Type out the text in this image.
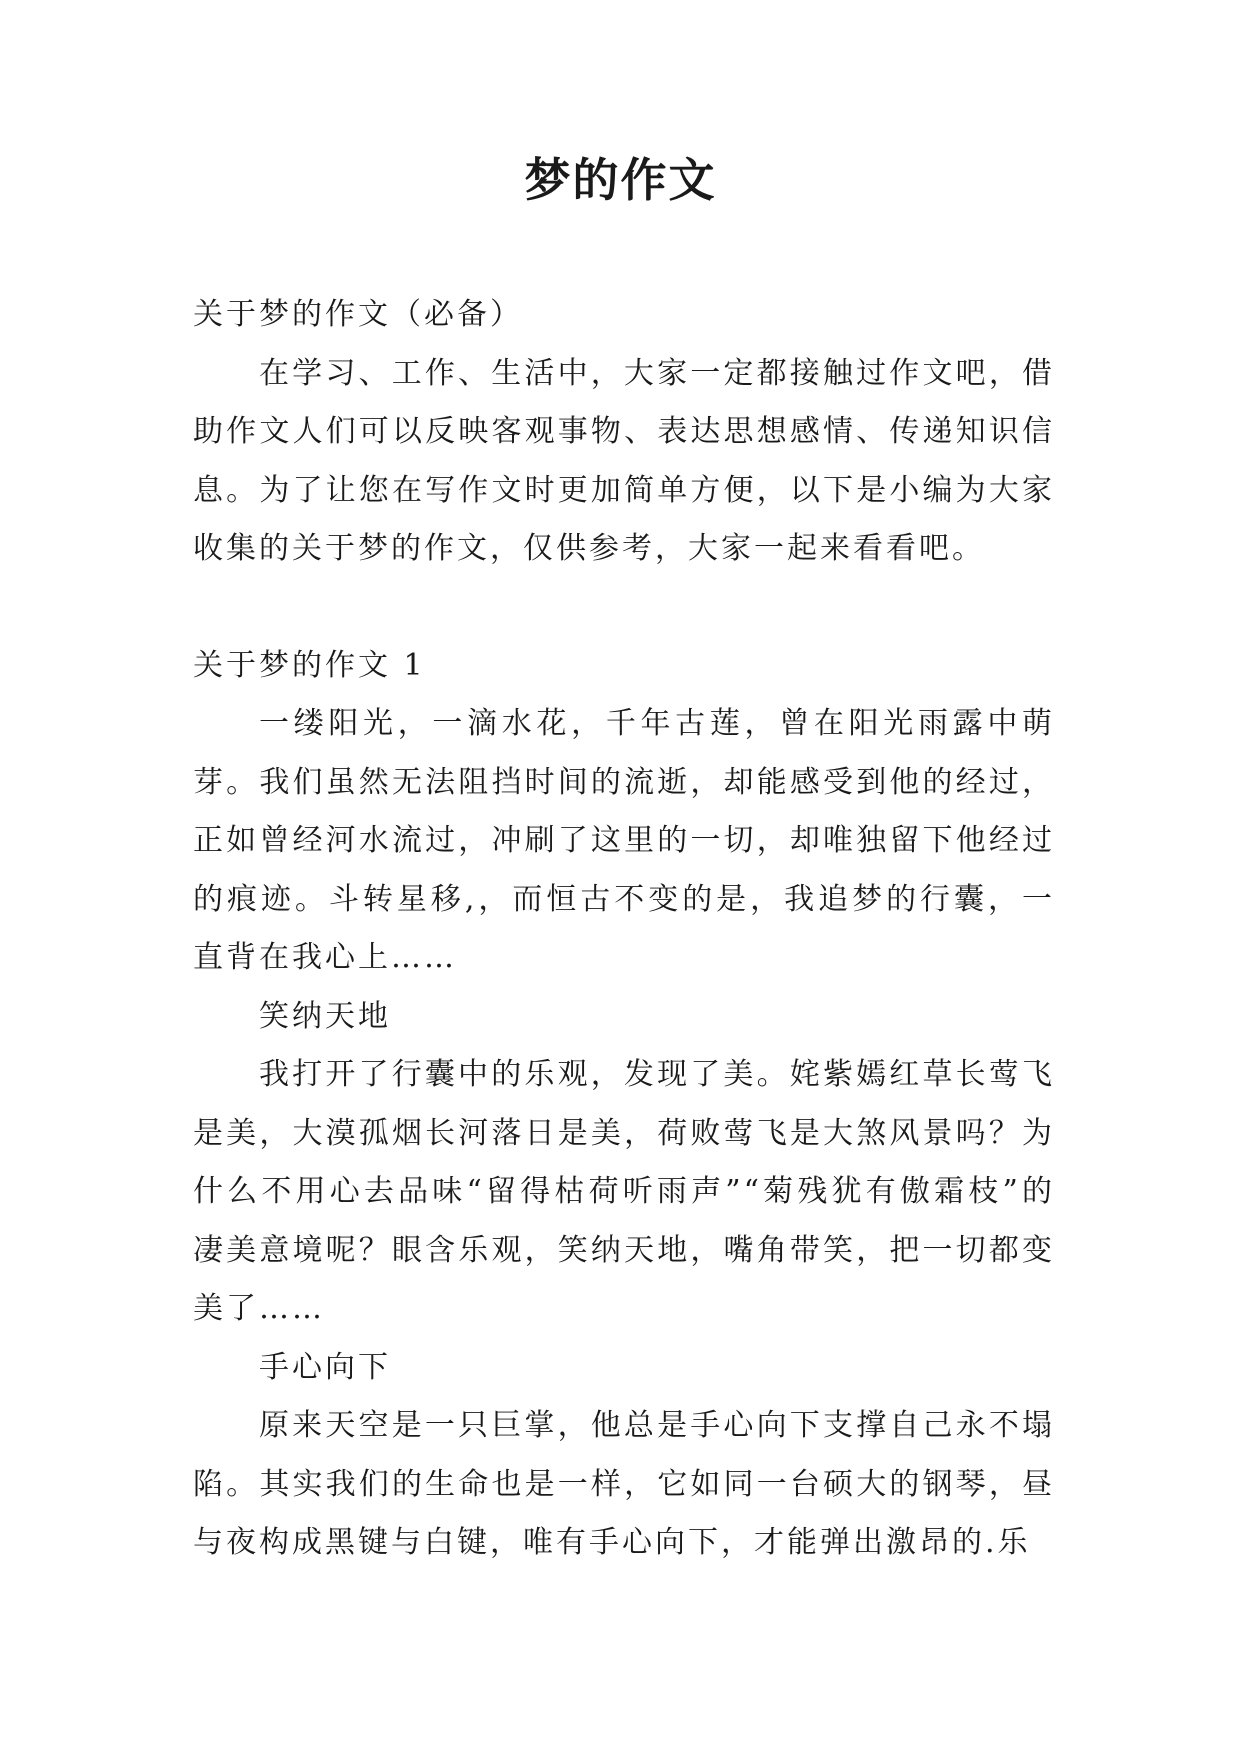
梦的作文

关于梦的作文（必备）

在学习、工作、生活中，大家一定都接触过作文吧，借助作文人们可以反映客观事物、表达思想感情、传递知识信息。为了让您在写作文时更加简单方便，以下是小编为大家收集的关于梦的作文，仅供参考，大家一起来看看吧。

关于梦的作文 1

一缕阳光，一滴水花，千年古莲，曾在阳光雨露中萌芽。我们虽然无法阻挡时间的流逝，却能感受到他的经过，正如曾经河水流过，冲刷了这里的一切，却唯独留下他经过的痕迹。斗转星移,，而恒古不变的是，我追梦的行囊，一直背在我心上……

笑纳天地

我打开了行囊中的乐观，发现了美。姹紫嫣红草长莺飞是美，大漠孤烟长河落日是美，荷败莺飞是大煞风景吗？为什么不用心去品味“留得枯荷听雨声”“菊残犹有傲霜枝”的凄美意境呢？眼含乐观，笑纳天地，嘴角带笑，把一切都变美了……

手心向下

原来天空是一只巨掌，他总是手心向下支撑自己永不塌陷。其实我们的生命也是一样，它如同一台硕大的钢琴，昼与夜构成黑键与白键，唯有手心向下，才能弹出激昂的.乐
